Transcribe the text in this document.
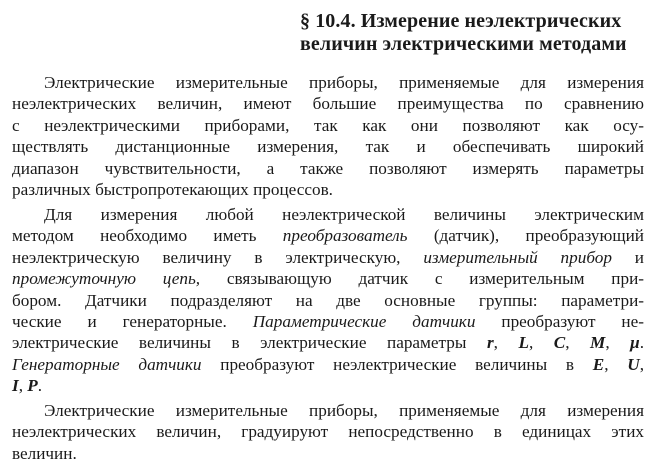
§ 10.4. Измерение неэлектрических
величин электрическими методами
Электрические измерительные приборы, применяемые для измерения
неэлектрических величин, имеют большие преимущества по сравнению
с неэлектрическими приборами, так как они позволяют как осу-
ществлять дистанционные измерения, так и обеспечивать широкий
диапазон чувствительности, а также позволяют измерять параметры
различных быстропротекающих процессов.
Для измерения любой неэлектрической величины электрическим
методом необходимо иметь преобразователь (датчик), преобразующий
неэлектрическую величину в электрическую, измерительный прибор и
промежуточную цепь, связывающую датчик с измерительным при-
бором. Датчики подразделяют на две основные группы: параметри-
ческие и генераторные. Параметрические датчики преобразуют не-
электрические величины в электрические параметры r, L, C, M, μ.
Генераторные датчики преобразуют неэлектрические величины в E, U,
I, P.
Электрические измерительные приборы, применяемые для измерения
неэлектрических величин, градуируют непосредственно в единицах этих
величин.
